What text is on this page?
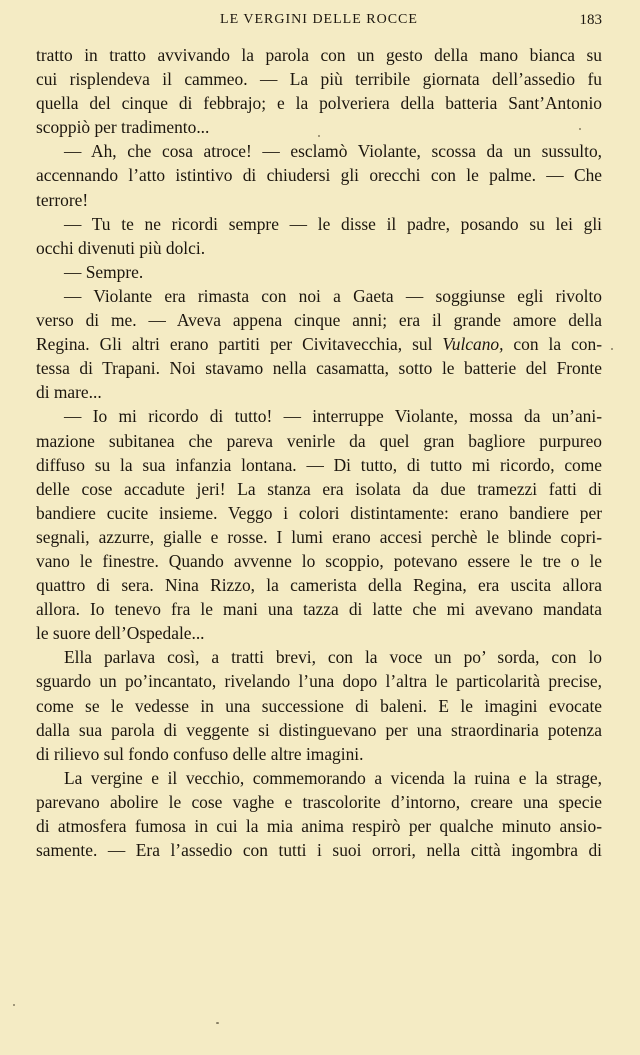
LE VERGINI DELLE ROCCE	183
tratto in tratto avvivando la parola con un gesto della mano bianca su
cui risplendeva il cammeo. — La più terribile giornata dell’assedio fu
quella del cinque di febbrajo; e la polveriera della batteria Sant’Antonio
scoppiò per tradimento...
— Ah, che cosa atroce! — esclamò Violante, scossa da un sussulto,
accennando l’atto istintivo di chiudersi gli orecchi con le palme. — Che
terrore!
— Tu te ne ricordi sempre — le disse il padre, posando su lei gli
occhi divenuti più dolci.
— Sempre.
— Violante era rimasta con noi a Gaeta — soggiunse egli rivolto
verso di me. — Aveva appena cinque anni; era il grande amore della
Regina. Gli altri erano partiti per Civitavecchia, sul Vulcano, con la con-
tessa di Trapani. Noi stavamo nella casamatta, sotto le batterie del Fronte
di mare...
— Io mi ricordo di tutto! — interruppe Violante, mossa da un’ani-
mazione subitanea che pareva venirle da quel gran bagliore purpureo
diffuso su la sua infanzia lontana. — Di tutto, di tutto mi ricordo, come
delle cose accadute jeri! La stanza era isolata da due tramezzi fatti di
bandiere cucite insieme. Veggo i colori distintamente: erano bandiere per
segnali, azzurre, gialle e rosse. I lumi erano accesi perchè le blinde copri-
vano le finestre. Quando avvenne lo scoppio, potevano essere le tre o le
quattro di sera. Nina Rizzo, la camerista della Regina, era uscita allora
allora. Io tenevo fra le mani una tazza di latte che mi avevano mandata
le suore dell’Ospedale...
Ella parlava così, a tratti brevi, con la voce un po’ sorda, con lo
sguardo un po’incantato, rivelando l’una dopo l’altra le particolarità precise,
come se le vedesse in una successione di baleni. E le imagini evocate
dalla sua parola di veggente si distinguevano per una straordinaria potenza
di rilievo sul fondo confuso delle altre imagini.
La vergine e il vecchio, commemorando a vicenda la ruina e la strage,
parevano abolire le cose vaghe e trascolorite d’intorno, creare una specie
di atmosfera fumosa in cui la mia anima respirò per qualche minuto ansio-
samente. — Era l’assedio con tutti i suoi orrori, nella città ingombra di
